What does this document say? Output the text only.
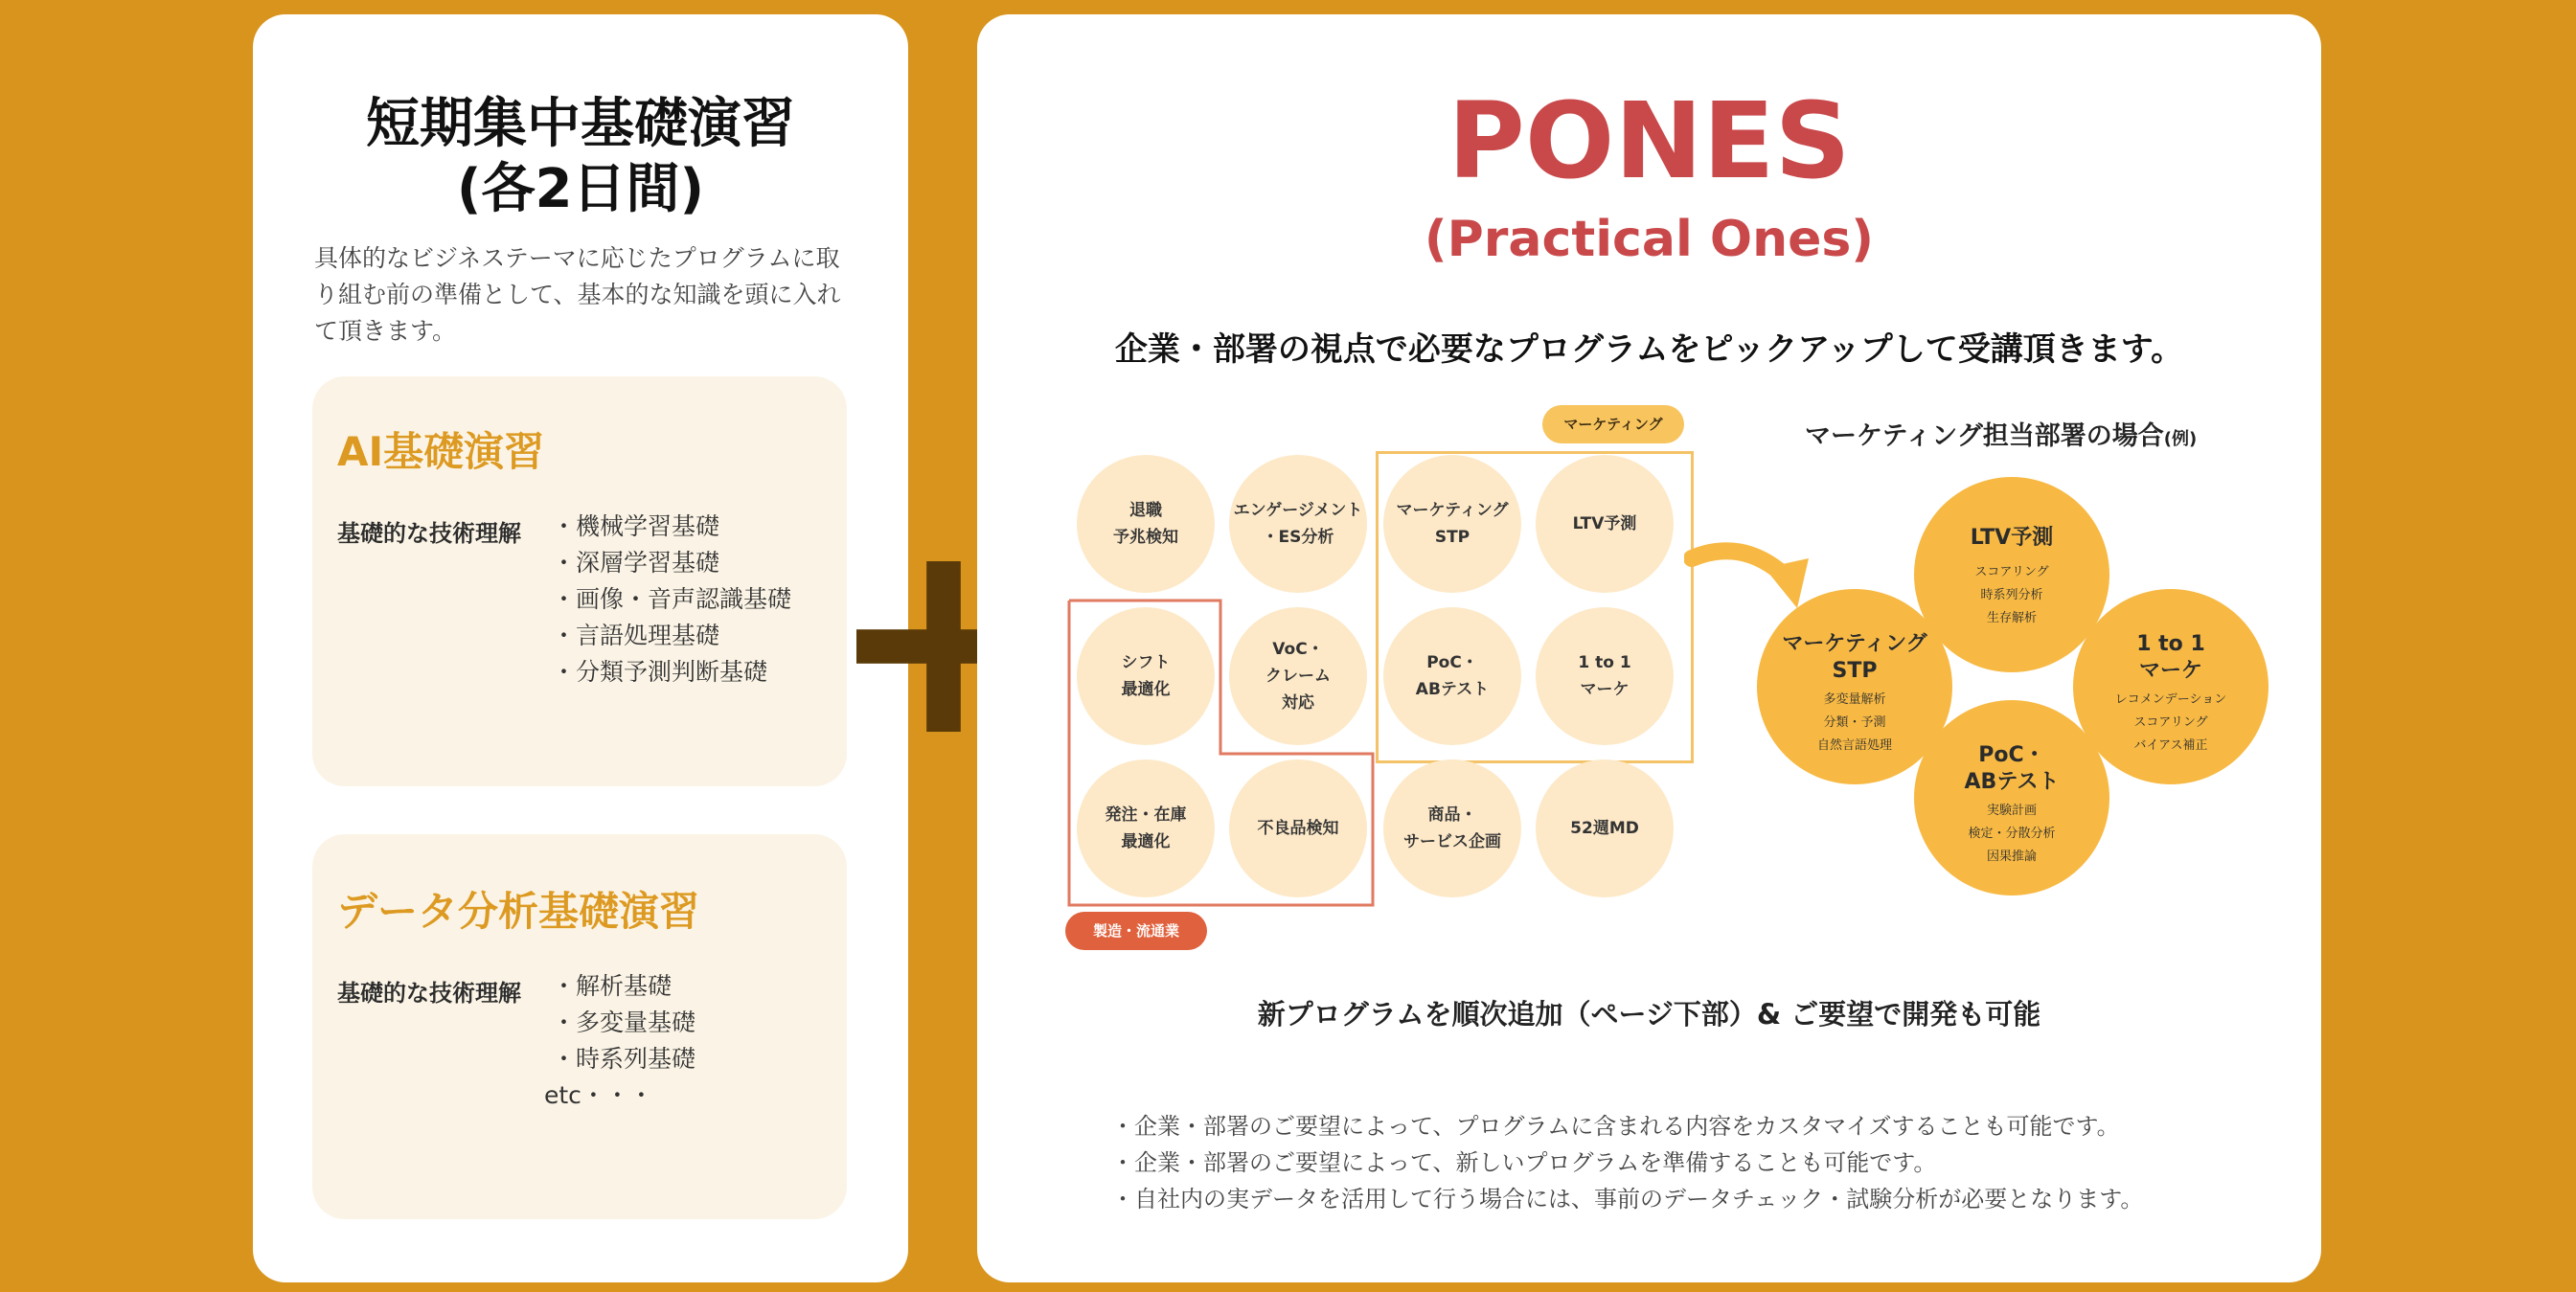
短期集中基礎演習
(各2日間)
具体的なビジネステーマに応じたプログラムに取り組む前の準備として、基本的な知識を頭に入れて頂きます。
AI基礎演習
基礎的な技術理解 ・機械学習基礎
・深層学習基礎
・画像・音声認識基礎
・言語処理基礎
・分類予測判断基礎
データ分析基礎演習
基礎的な技術理解 ・解析基礎
・多変量基礎
・時系列基礎
etc・・・
PONES
(Practical Ones)
企業・部署の視点で必要なプログラムをピックアップして受講頂きます。
マーケティング
製造・流通業
退職
予兆検知
エンゲージメント
・ES分析
マーケティング
STP
LTV予測
シフト
最適化
VoC・
クレーム
対応
PoC・
ABテスト
1 to 1
マーケ
発注・在庫
最適化
不良品検知
商品・
サービス企画
52週MD
マーケティング担当部署の場合(例)
LTV予測
スコアリング
時系列分析
生存解析
マーケティング
STP
多変量解析
分類・予測
自然言語処理
1 to 1
マーケ
レコメンデーション
スコアリング
バイアス補正
PoC・
ABテスト
実験計画
検定・分散分析
因果推論
新プログラムを順次追加（ページ下部）& ご要望で開発も可能
・企業・部署のご要望によって、プログラムに含まれる内容をカスタマイズすることも可能です。
・企業・部署のご要望によって、新しいプログラムを準備することも可能です。
・自社内の実データを活用して行う場合には、事前のデータチェック・試験分析が必要となります。
